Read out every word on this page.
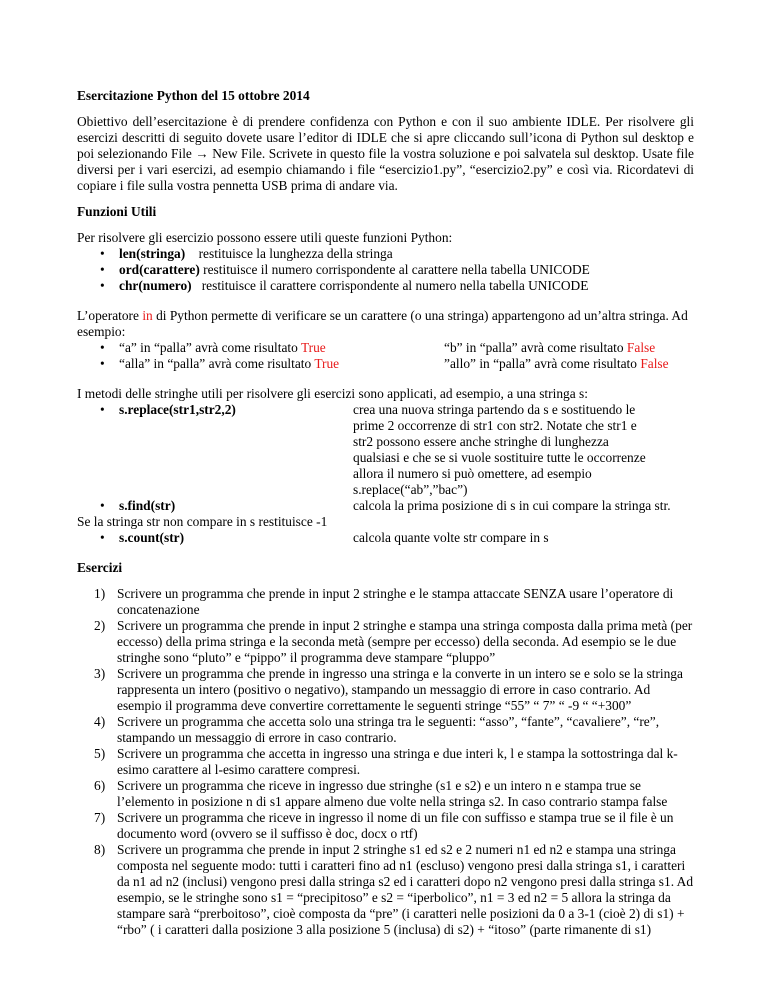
Esercitazione Python del 15 ottobre 2014

Obiettivo dell’esercitazione è di prendere confidenza con Python e con il suo ambiente IDLE. Per risolvere gli esercizi descritti di seguito dovete usare l’editor di IDLE che si apre cliccando sull’icona di Python sul desktop e poi selezionando File → New File. Scrivete in questo file la vostra soluzione e poi salvatela sul desktop. Usate file diversi per i vari esercizi, ad esempio chiamando i file “esercizio1.py”, “esercizio2.py” e così via. Ricordatevi di copiare i file sulla vostra pennetta USB prima di andare via.

Funzioni Utili

Per risolvere gli esercizio possono essere utili queste funzioni Python:

• len(stringa) restituisce la lunghezza della stringa
• ord(carattere) restituisce il numero corrispondente al carattere nella tabella UNICODE
• chr(numero) restituisce il carattere corrispondente al numero nella tabella UNICODE

L’operatore in di Python permette di verificare se un carattere (o una stringa) appartengono ad un’altra stringa. Ad esempio:

• “a” in “palla” avrà come risultato True	“b” in “palla” avrà come risultato False
• “alla” in “palla” avrà come risultato True	”allo” in “palla” avrà come risultato False

I metodi delle stringhe utili per risolvere gli esercizi sono applicati, ad esempio, a una stringa s:

• s.replace(str1,str2,2)	crea una nuova stringa partendo da s e sostituendo le prime 2 occorrenze di str1 con str2. Notate che str1 e str2 possono essere anche stringhe di lunghezza qualsiasi e che se si vuole sostituire tutte le occorrenze allora il numero si può omettere, ad esempio s.replace(“ab”,”bac”)
• s.find(str)	calcola la prima posizione di s in cui compare la stringa str.

Se la stringa str non compare in s restituisce -1

• s.count(str)	calcola quante volte str compare in s
Esercizi
1) Scrivere un programma che prende in input 2 stringhe e le stampa attaccate SENZA usare l’operatore di concatenazione
2) Scrivere un programma che prende in input 2 stringhe e stampa una stringa composta dalla prima metà (per eccesso) della prima stringa e la seconda metà (sempre per eccesso) della seconda. Ad esempio se le due stringhe sono “pluto” e “pippo” il programma deve stampare “pluppo”
3) Scrivere un programma che prende in ingresso una stringa e la converte in un intero se e solo se la stringa rappresenta un intero (positivo o negativo), stampando un messaggio di errore in caso contrario. Ad esempio il programma deve convertire correttamente le seguenti stringe “55” “ 7” “ -9 “ “+300”
4) Scrivere un programma che accetta solo una stringa tra le seguenti: “asso”, “fante”, “cavaliere”, “re”, stampando un messaggio di errore in caso contrario.
5) Scrivere un programma che accetta in ingresso una stringa e due interi k, l e stampa la sottostringa dal k-esimo carattere al l-esimo carattere compresi.
6) Scrivere un programma che riceve in ingresso due stringhe (s1 e s2) e un intero n e stampa true se l’elemento in posizione n di s1 appare almeno due volte nella stringa s2. In caso contrario stampa false
7) Scrivere un programma che riceve in ingresso il nome di un file con suffisso e stampa true se il file è un documento word (ovvero se il suffisso è doc, docx o rtf)
8) Scrivere un programma che prende in input 2 stringhe s1 ed s2 e 2 numeri n1 ed n2 e stampa una stringa composta nel seguente modo: tutti i caratteri fino ad n1 (escluso) vengono presi dalla stringa s1, i caratteri da n1 ad n2 (inclusi) vengono presi dalla stringa s2 ed i caratteri dopo n2 vengono presi dalla stringa s1. Ad esempio, se le stringhe sono s1 = “precipitoso” e s2 = “iperbolico”, n1 = 3 ed n2 = 5 allora la stringa da stampare sarà “prerboitoso”, cioè composta da “pre” (i caratteri nelle posizioni da 0 a 3-1 (cioè 2) di s1) + “rbo” ( i caratteri dalla posizione 3 alla posizione 5 (inclusa) di s2) + “itoso” (parte rimanente di s1)
